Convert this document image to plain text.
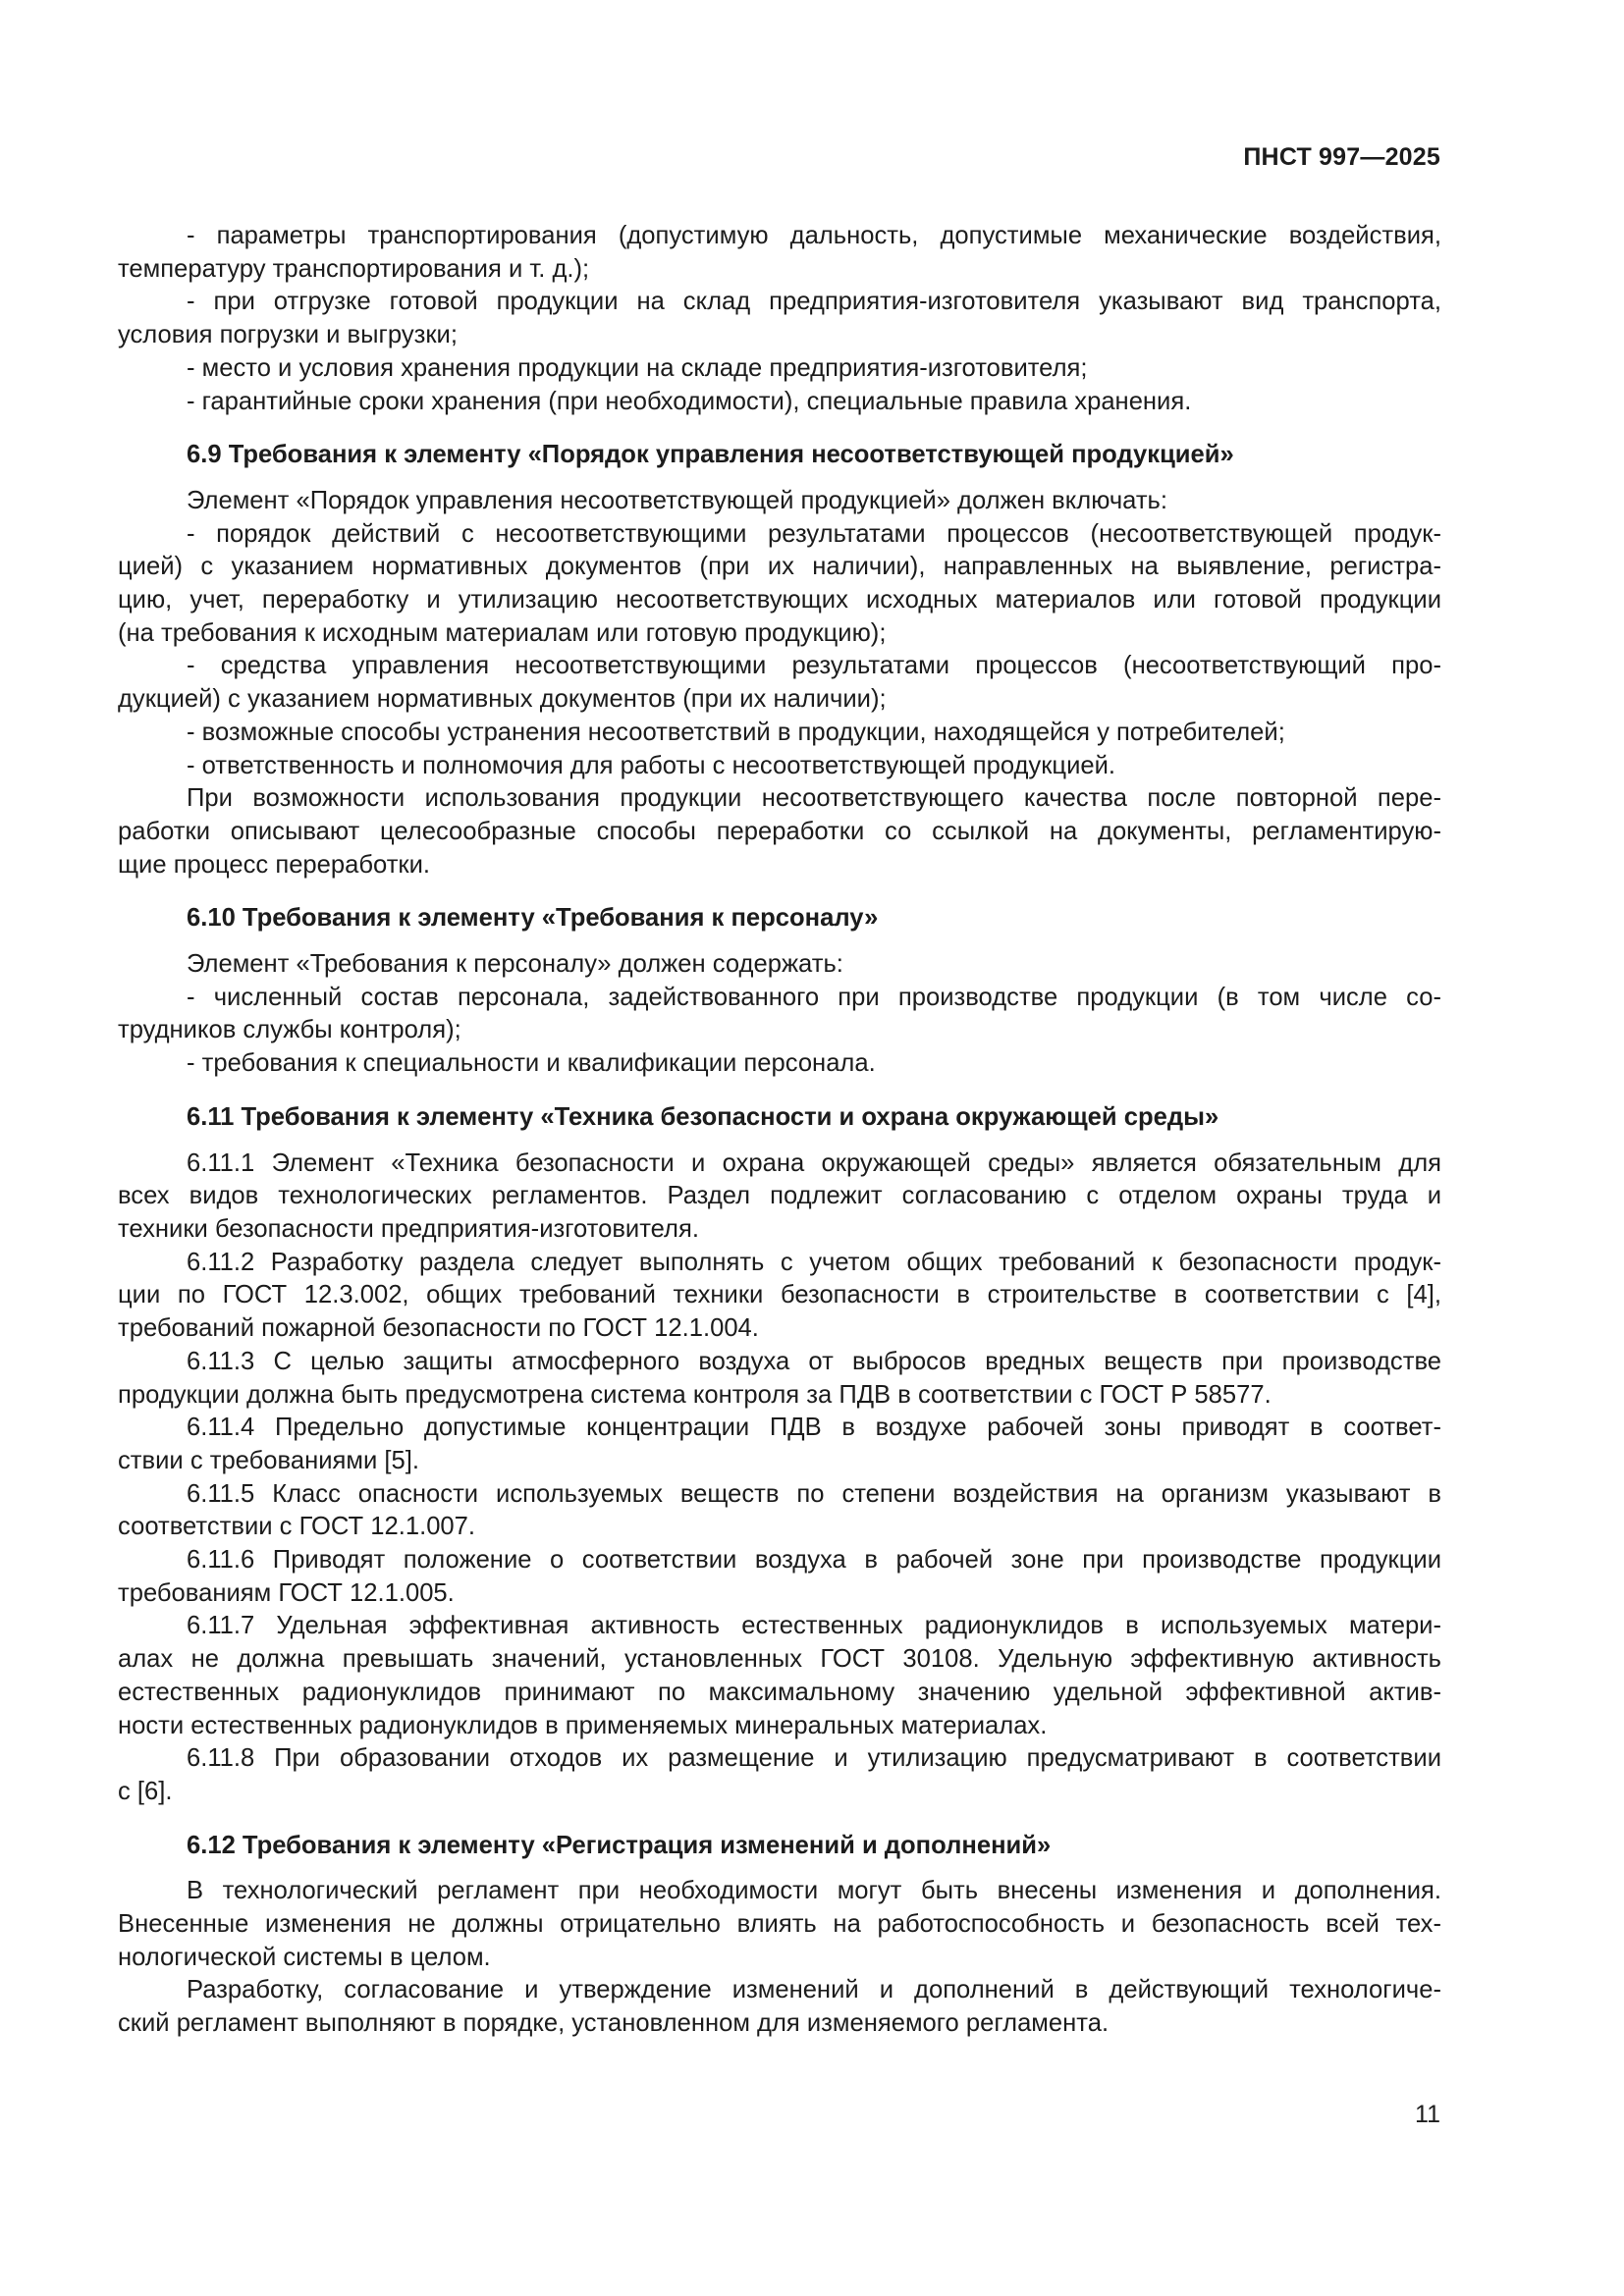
ПНСТ 997—2025
- параметры транспортирования (допустимую дальность, допустимые механические воздействия,
температуру транспортирования и т. д.);
- при отгрузке готовой продукции на склад предприятия-изготовителя указывают вид транспорта,
условия погрузки и выгрузки;
- место и условия хранения продукции на складе предприятия-изготовителя;
- гарантийные сроки хранения (при необходимости), специальные правила хранения.
6.9 Требования к элементу «Порядок управления несоответствующей продукцией»
Элемент «Порядок управления несоответствующей продукцией» должен включать:
- порядок действий с несоответствующими результатами процессов (несоответствующей продук-
цией) с указанием нормативных документов (при их наличии), направленных на выявление, регистра-
цию, учет, переработку и утилизацию несоответствующих исходных материалов или готовой продукции
(на требования к исходным материалам или готовую продукцию);
- средства управления несоответствующими результатами процессов (несоответствующий про-
дукцией) с указанием нормативных документов (при их наличии);
- возможные способы устранения несоответствий в продукции, находящейся у потребителей;
- ответственность и полномочия для работы с несоответствующей продукцией.
При возможности использования продукции несоответствующего качества после повторной пере-
работки описывают целесообразные способы переработки со ссылкой на документы, регламентирую-
щие процесс переработки.
6.10 Требования к элементу «Требования к персоналу»
Элемент «Требования к персоналу» должен содержать:
- численный состав персонала, задействованного при производстве продукции (в том числе со-
трудников службы контроля);
- требования к специальности и квалификации персонала.
6.11 Требования к элементу «Техника безопасности и охрана окружающей среды»
6.11.1 Элемент «Техника безопасности и охрана окружающей среды» является обязательным для
всех видов технологических регламентов. Раздел подлежит согласованию с отделом охраны труда и
техники безопасности предприятия-изготовителя.
6.11.2 Разработку раздела следует выполнять с учетом общих требований к безопасности продук-
ции по ГОСТ 12.3.002, общих требований техники безопасности в строительстве в соответствии с [4],
требований пожарной безопасности по ГОСТ 12.1.004.
6.11.3 С целью защиты атмосферного воздуха от выбросов вредных веществ при производстве
продукции должна быть предусмотрена система контроля за ПДВ в соответствии с ГОСТ Р 58577.
6.11.4 Предельно допустимые концентрации ПДВ в воздухе рабочей зоны приводят в соответ-
ствии с требованиями [5].
6.11.5 Класс опасности используемых веществ по степени воздействия на организм указывают в
соответствии с ГОСТ 12.1.007.
6.11.6 Приводят положение о соответствии воздуха в рабочей зоне при производстве продукции
требованиям ГОСТ 12.1.005.
6.11.7 Удельная эффективная активность естественных радионуклидов в используемых матери-
алах не должна превышать значений, установленных ГОСТ 30108. Удельную эффективную активность
естественных радионуклидов принимают по максимальному значению удельной эффективной актив-
ности естественных радионуклидов в применяемых минеральных материалах.
6.11.8 При образовании отходов их размещение и утилизацию предусматривают в соответствии
с [6].
6.12 Требования к элементу «Регистрация изменений и дополнений»
В технологический регламент при необходимости могут быть внесены изменения и дополнения.
Внесенные изменения не должны отрицательно влиять на работоспособность и безопасность всей тех-
нологической системы в целом.
Разработку, согласование и утверждение изменений и дополнений в действующий технологиче-
ский регламент выполняют в порядке, установленном для изменяемого регламента.
11
